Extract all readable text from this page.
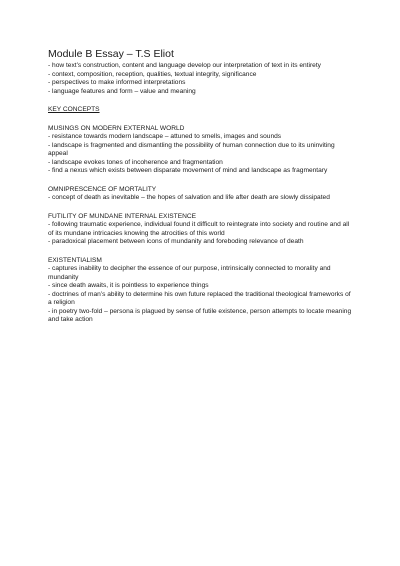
Module B Essay – T.S Eliot

- how text’s construction, content and language develop our interpretation of text in its entirety

- context, composition, reception, qualities, textual integrity, significance

- perspectives to make informed interpretations

- language features and form – value and meaning

KEY CONCEPTS

MUSINGS ON MODERN EXTERNAL WORLD

- resistance towards modern landscape – attuned to smells, images and sounds

- landscape is fragmented and dismantling the possibility of human connection due to its uninviting appeal

- landscape evokes tones of incoherence and fragmentation

- find a nexus which exists between disparate movement of mind and landscape as fragmentary

OMNIPRESCENCE OF MORTALITY

- concept of death as inevitable – the hopes of salvation and life after death are slowly dissipated

FUTILITY OF MUNDANE INTERNAL EXISTENCE

- following traumatic experience, individual found it difficult to reintegrate into society and routine and all of its mundane intricacies knowing the atrocities of this world

- paradoxical placement between icons of mundanity and foreboding relevance of death

EXISTENTIALISM

- captures inability to decipher the essence of our purpose, intrinsically connected to morality and mundanity

- since death awaits, it is pointless to experience things

- doctrines of man’s ability to determine his own future replaced the traditional theological frameworks of a religion

- in poetry two-fold – persona is plagued by sense of futile existence, person attempts to locate meaning and take action
